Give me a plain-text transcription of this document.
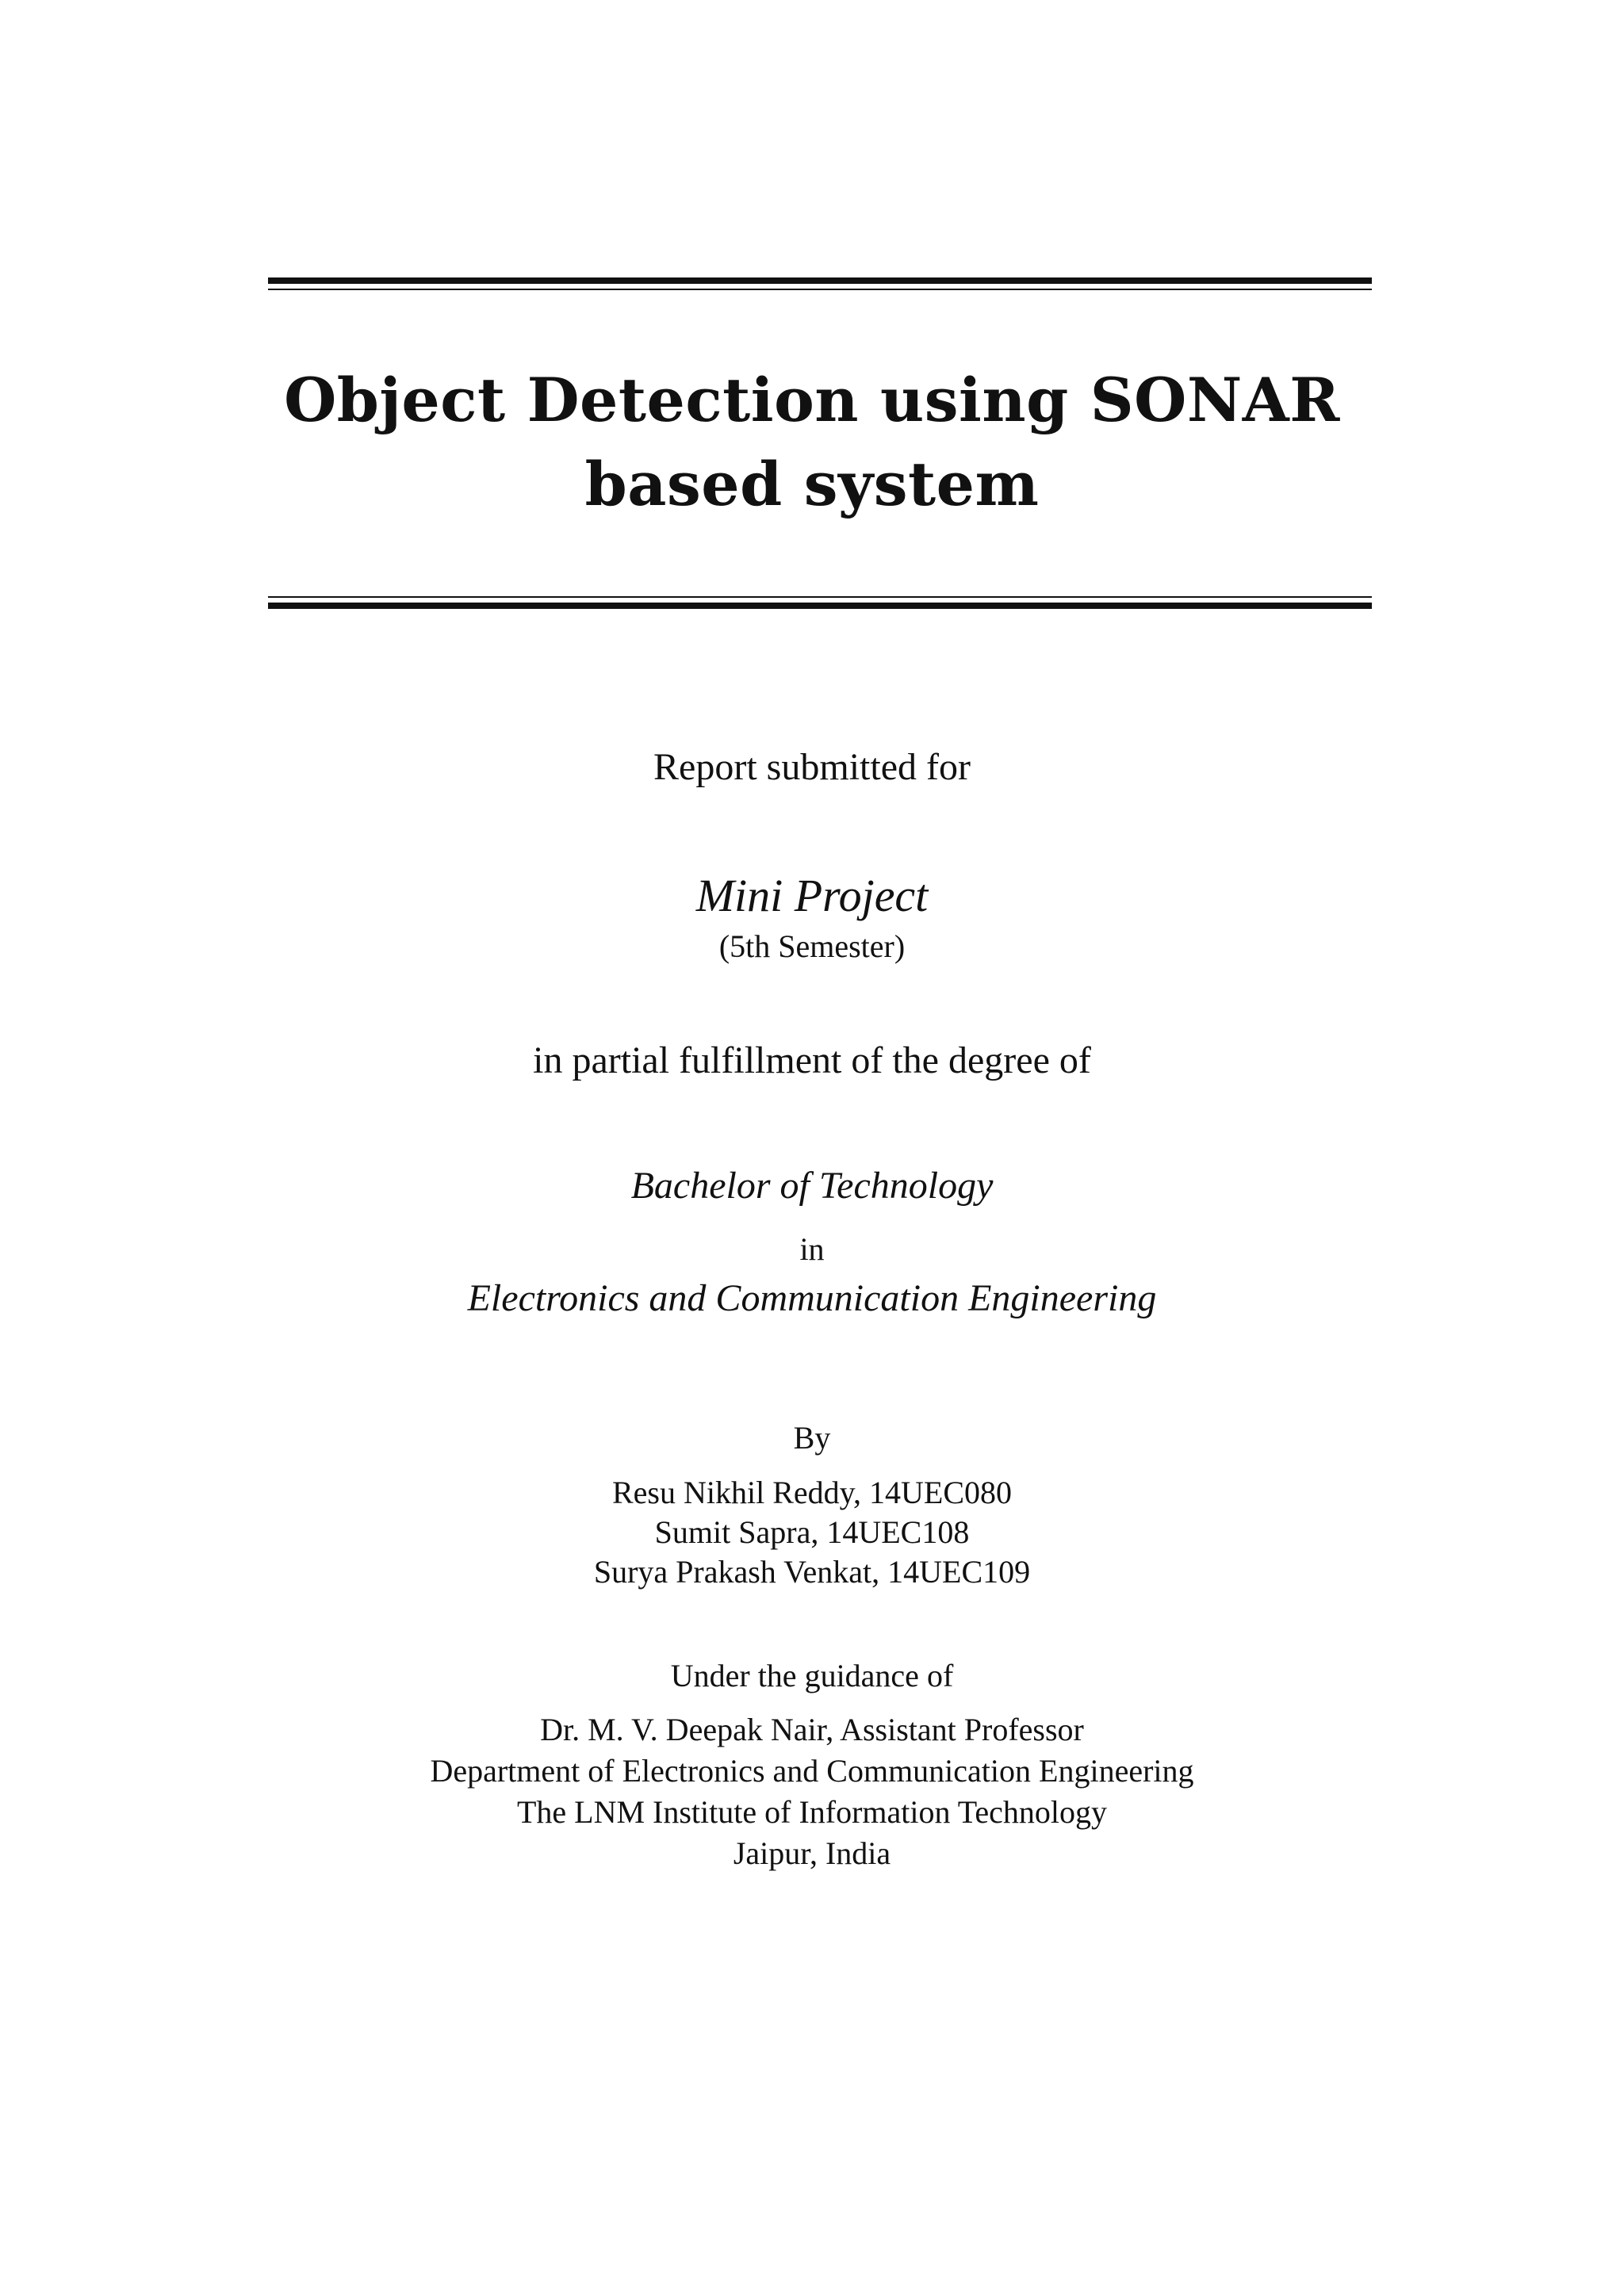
Object Detection using SONAR
based system
Report submitted for
Mini Project
(5th Semester)
in partial fulfillment of the degree of
Bachelor of Technology
in
Electronics and Communication Engineering
By
Resu Nikhil Reddy, 14UEC080
Sumit Sapra, 14UEC108
Surya Prakash Venkat, 14UEC109
Under the guidance of
Dr. M. V. Deepak Nair, Assistant Professor
Department of Electronics and Communication Engineering
The LNM Institute of Information Technology
Jaipur, India
